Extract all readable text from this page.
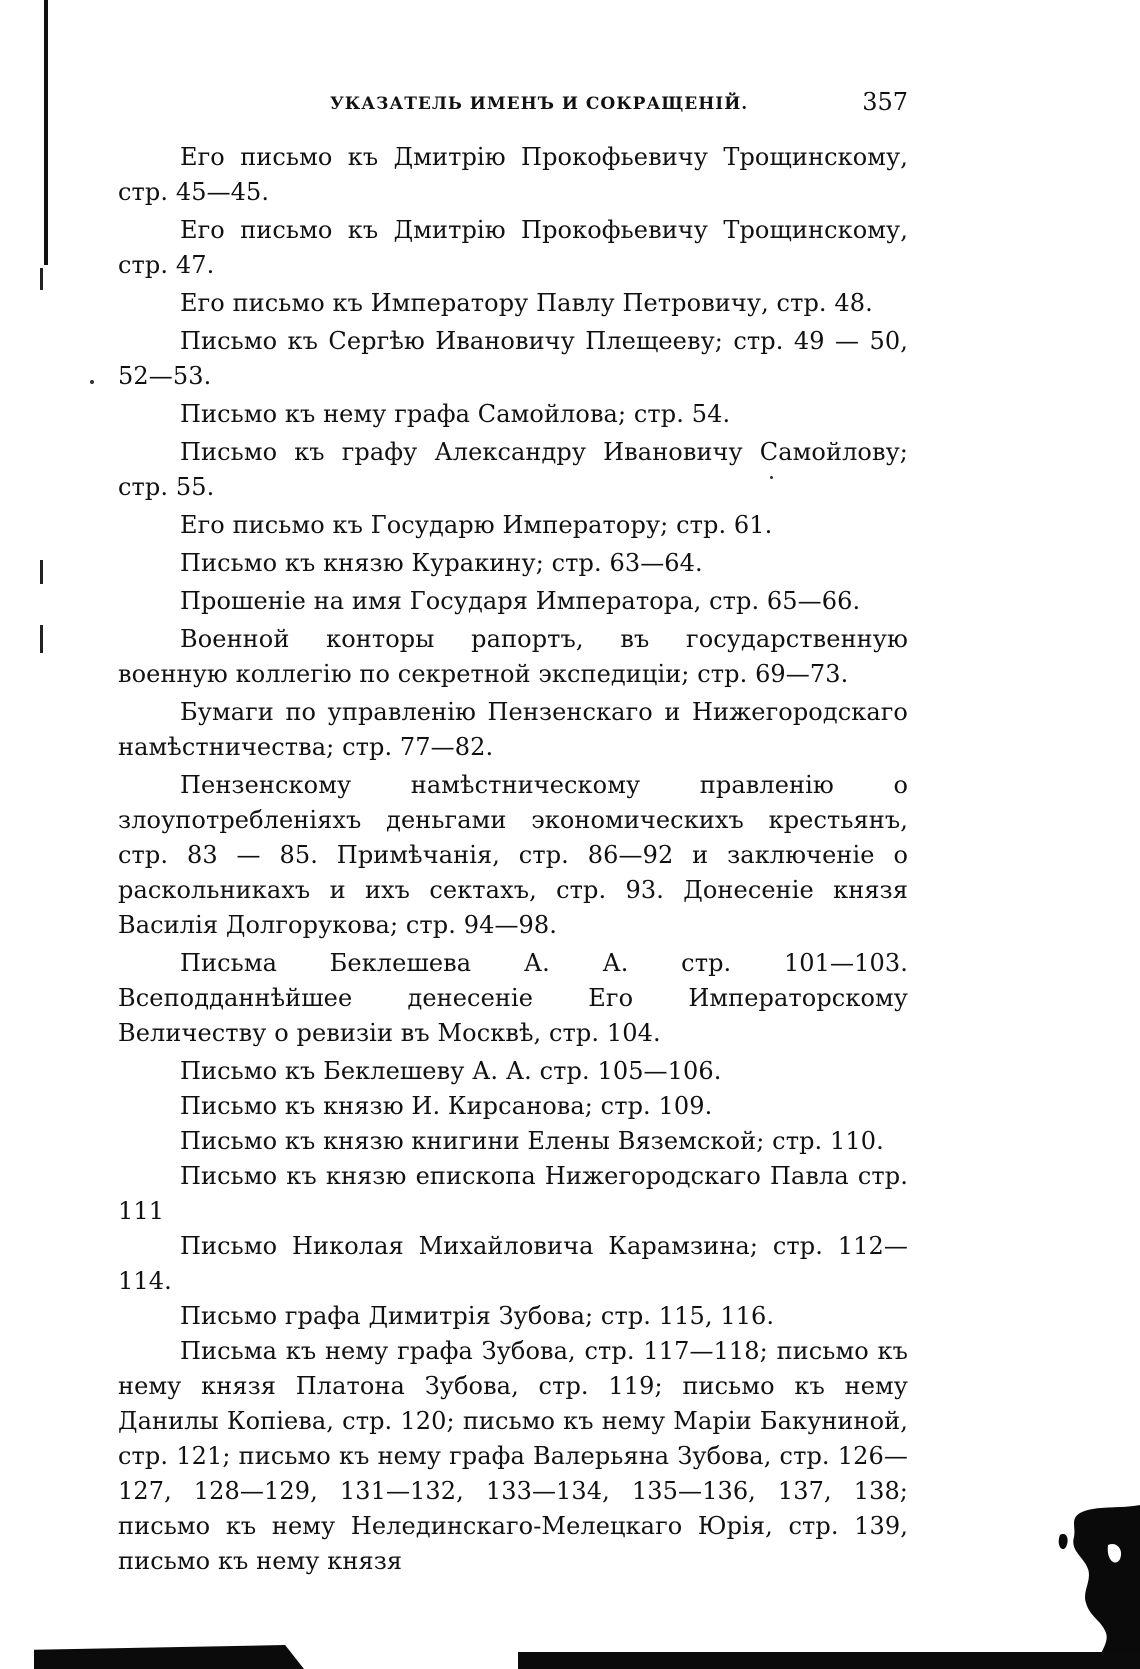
УКАЗАТЕЛЬ ИМЕНЪ И СОКРАЩЕНІЙ.	357

Его письмо къ Дмитрію Прокофьевичу Трощинскому, стр. 45—45.

Его письмо къ Дмитрію Прокофьевичу Трощинскому, стр. 47.

Его письмо къ Императору Павлу Петровичу, стр. 48.

Письмо къ Сергѣю Ивановичу Плещееву; стр. 49 — 50, 52—53.

Письмо къ нему графа Самойлова; стр. 54.

Письмо къ графу Александру Ивановичу Самойлову; стр. 55.

Его письмо къ Государю Императору; стр. 61.

Письмо къ князю Куракину; стр. 63—64.

Прошеніе на имя Государя Императора, стр. 65—66.

Военной конторы рапортъ, въ государственную военную коллегію по секретной экспедиціи; стр. 69—73.

Бумаги по управленію Пензенскаго и Нижегородскаго намѣстничества; стр. 77—82.

Пензенскому намѣстническому правленію о злоупотребленіяхъ деньгами экономическихъ крестьянъ, стр. 83 — 85. Примѣчанія, стр. 86—92 и заключеніе о раскольникахъ и ихъ сектахъ, стр. 93. Донесеніе князя Василія Долгорукова; стр. 94—98.

Письма Беклешева А. А. стр. 101—103. Всеподданнѣйшее денесеніе Его Императорскому Величеству о ревизіи въ Москвѣ, стр. 104.

Письмо къ Беклешеву А. А. стр. 105—106.

Письмо къ князю И. Кирсанова; стр. 109.

Письмо къ князю книгини Елены Вяземской; стр. 110.

Письмо къ князю епископа Нижегородскаго Павла стр. 111

Письмо Николая Михайловича Карамзина; стр. 112—114.

Письмо графа Димитрія Зубова; стр. 115, 116.

Письма къ нему графа Зубова, стр. 117—118; письмо къ нему князя Платона Зубова, стр. 119; письмо къ нему Данилы Копіева, стр. 120; письмо къ нему Маріи Бакуниной, стр. 121; письмо къ нему графа Валерьяна Зубова, стр. 126—127, 128—129, 131—132, 133—134, 135—136, 137, 138; письмо къ нему Нелединскаго-Мелецкаго Юрія, стр. 139, письмо къ нему князя
